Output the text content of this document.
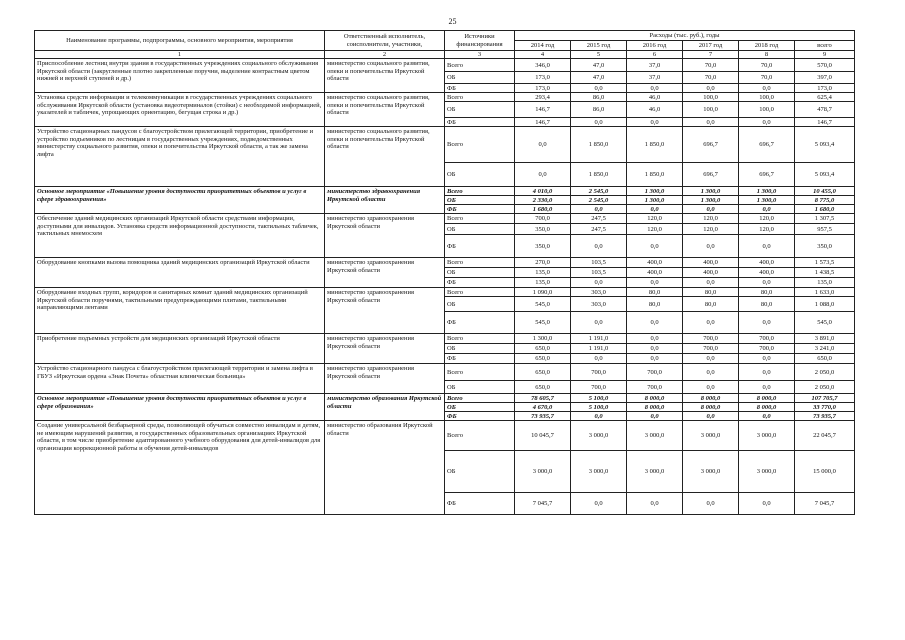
25
Наименование программы, подпрограммы, основного мероприятия, мероприятия	Ответственный исполнитель, соисполнители, участники,	Источники финансирования	Расходы (тыс. руб.), годы					
			2014 год	2015 год	2016 год	2017 год	2018 год	всего
1	2	3	4	5	6	7	8	9
Приспособление лестниц внутри здания в государственных учреждениях социального обслуживания Иркутской области (закругленные плотно закрепленные поручни, выделение контрастным цветом нижней и верхней ступеней и др.)	министерство социального развития, опеки и попечительства Иркутской области	Всего	346,0	47,0	37,0	70,0	70,0	570,0
		ОБ	173,0	47,0	37,0	70,0	70,0	397,0
		ФБ	173,0	0,0	0,0	0,0	0,0	173,0
Установка средств информации и телекоммуникации в государственных учреждениях социального обслуживания Иркутской области (установка видеотерминалов (стойки) с необходимой информацией, указателей и табличек, упрощающих ориентацию, бегущая строка и др.)	министерство социального развития, опеки и попечительства Иркутской области	Всего	293,4	86,0	46,0	100,0	100,0	625,4
		ОБ	146,7	86,0	46,0	100,0	100,0	478,7
		ФБ	146,7	0,0	0,0	0,0	0,0	146,7
Устройство стационарных пандусов с благоустройством прилегающей территории, приобретение и устройство подъемников по лестницам в государственных учреждениях, подведомственных министерству социального развития, опеки и попечительства Иркутской области, а так же замена лифта	министерство социального развития, опеки и попечительства Иркутской области	Всего	0,0	1 850,0	1 850,0	696,7	696,7	5 093,4
		ОБ	0,0	1 850,0	1 850,0	696,7	696,7	5 093,4
Основное мероприятие «Повышение уровня доступности приоритетных объектов и услуг в сфере здравоохранения»	министерство здравоохранения Иркутской области	Всего	4 010,0	2 545,0	1 300,0	1 300,0	1 300,0	10 455,0
		ОБ	2 330,0	2 545,0	1 300,0	1 300,0	1 300,0	8 775,0
		ФБ	1 680,0	0,0	0,0	0,0	0,0	1 680,0
Обеспечение зданий медицинских организаций Иркутской области средствами информации, доступными для инвалидов. Установка средств информационной доступности, тактильных табличек, тактильных мнемосхем	министерство здравоохранения Иркутской области	Всего	700,0	247,5	120,0	120,0	120,0	1 307,5
		ОБ	350,0	247,5	120,0	120,0	120,0	957,5
		ФБ	350,0	0,0	0,0	0,0	0,0	350,0
Оборудование кнопками вызова помощника зданий медицинских организаций Иркутской области	министерство здравоохранения Иркутской области	Всего	270,0	103,5	400,0	400,0	400,0	1 573,5
		ОБ	135,0	103,5	400,0	400,0	400,0	1 438,5
		ФБ	135,0	0,0	0,0	0,0	0,0	135,0
Оборудование входных групп, коридоров и санитарных комнат зданий медицинских организаций Иркутской области поручнями, тактильными предупреждающими плитами, тактильными направляющими лентами	министерство здравоохранения Иркутской области	Всего	1 090,0	303,0	80,0	80,0	80,0	1 633,0
		ОБ	545,0	303,0	80,0	80,0	80,0	1 088,0
		ФБ	545,0	0,0	0,0	0,0	0,0	545,0
Приобретение подъемных устройств для медицинских организаций Иркутской области	министерство здравоохранения Иркутской области	Всего	1 300,0	1 191,0	0,0	700,0	700,0	3 891,0
		ОБ	650,0	1 191,0	0,0	700,0	700,0	3 241,0
		ФБ	650,0	0,0	0,0	0,0	0,0	650,0
Устройство стационарного пандуса с благоустройством прилегающей территории и замена лифта в ГБУЗ «Иркутская ордена «Знак Почета» областная клиническая больница»	министерство здравоохранения Иркутской области	Всего	650,0	700,0	700,0	0,0	0,0	2 050,0
		ОБ	650,0	700,0	700,0	0,0	0,0	2 050,0
Основное мероприятие «Повышение уровня доступности приоритетных объектов и услуг в сфере образования»	министерство образования Иркутской области	Всего	78 605,7	5 100,0	8 000,0	8 000,0	8 000,0	107 705,7
		ОБ	4 670,0	5 100,0	8 000,0	8 000,0	8 000,0	33 770,0
		ФБ	73 935,7	0,0	0,0	0,0	0,0	73 935,7
Создание универсальной безбарьерной среды, позволяющей обучаться совместно инвалидам и детям, не имеющим нарушений развития, в государственных образовательных организациях Иркутской области, в том числе приобретение адаптированного учебного оборудования для детей-инвалидов для организации коррекционной работы и обучения детей-инвалидов	министерство образования Иркутской области	Всего	10 045,7	3 000,0	3 000,0	3 000,0	3 000,0	22 045,7
		ОБ	3 000,0	3 000,0	3 000,0	3 000,0	3 000,0	15 000,0
		ФБ	7 045,7	0,0	0,0	0,0	0,0	7 045,7
